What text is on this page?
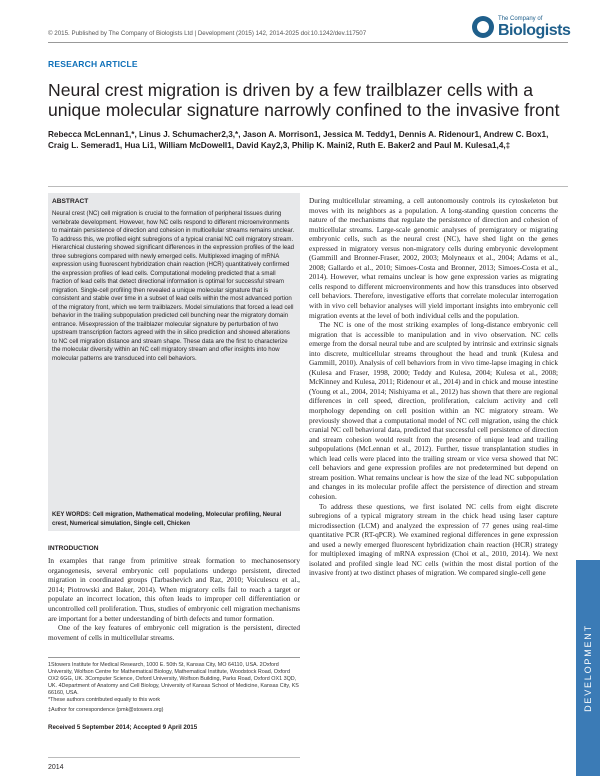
© 2015. Published by The Company of Biologists Ltd | Development (2015) 142, 2014-2025 doi:10.1242/dev.117507
The Company of
Biologists
RESEARCH ARTICLE
Neural crest migration is driven by a few trailblazer cells with a unique molecular signature narrowly confined to the invasive front
Rebecca McLennan1,*, Linus J. Schumacher2,3,*, Jason A. Morrison1, Jessica M. Teddy1, Dennis A. Ridenour1, Andrew C. Box1, Craig L. Semerad1, Hua Li1, William McDowell1, David Kay2,3, Philip K. Maini2, Ruth E. Baker2 and Paul M. Kulesa1,4,‡
ABSTRACT
Neural crest (NC) cell migration is crucial to the formation of peripheral tissues during vertebrate development. However, how NC cells respond to different microenvironments to maintain persistence of direction and cohesion in multicellular streams remains unclear. To address this, we profiled eight subregions of a typical cranial NC cell migratory stream. Hierarchical clustering showed significant differences in the expression profiles of the lead three subregions compared with newly emerged cells. Multiplexed imaging of mRNA expression using fluorescent hybridization chain reaction (HCR) quantitatively confirmed the expression profiles of lead cells. Computational modeling predicted that a small fraction of lead cells that detect directional information is optimal for successful stream migration. Single-cell profiling then revealed a unique molecular signature that is consistent and stable over time in a subset of lead cells within the most advanced portion of the migratory front, which we term trailblazers. Model simulations that forced a lead cell behavior in the trailing subpopulation predicted cell bunching near the migratory domain entrance. Misexpression of the trailblazer molecular signature by perturbation of two upstream transcription factors agreed with the in silico prediction and showed alterations to NC cell migration distance and stream shape. These data are the first to characterize the molecular diversity within an NC cell migratory stream and offer insights into how molecular patterns are transduced into cell behaviors.
KEY WORDS: Cell migration, Mathematical modeling, Molecular profiling, Neural crest, Numerical simulation, Single cell, Chicken
INTRODUCTION
In examples that range from primitive streak formation to mechanosensory organogenesis, several embryonic cell populations undergo persistent, directed migration in coordinated groups (Tarbashevich and Raz, 2010; Voiculescu et al., 2014; Piotrowski and Baker, 2014). When migratory cells fail to reach a target or populate an incorrect location, this often leads to improper cell differentiation or uncontrolled cell proliferation. Thus, studies of embryonic cell migration mechanisms are important for a better understanding of birth defects and tumor formation.
One of the key features of embryonic cell migration is the persistent, directed movement of cells in multicellular streams.
1Stowers Institute for Medical Research, 1000 E. 50th St, Kansas City, MO 64110, USA. 2Oxford University, Wolfson Centre for Mathematical Biology, Mathematical Institute, Woodstock Road, Oxford OX2 6GG, UK. 3Computer Science, Oxford University, Wolfson Building, Parks Road, Oxford OX1 3QD, UK. 4Department of Anatomy and Cell Biology, University of Kansas School of Medicine, Kansas City, KS 66160, USA.
*These authors contributed equally to this work
‡Author for correspondence (pmk@stowers.org)
Received 5 September 2014; Accepted 9 April 2015
2014

During multicellular streaming, a cell autonomously controls its cytoskeleton but moves with its neighbors as a population. A long-standing question concerns the nature of the mechanisms that regulate the persistence of direction and cohesion of multicellular streams. Large-scale genomic analyses of premigratory or migrating embryonic cells, such as the neural crest (NC), have shed light on the genes expressed in migratory versus non-migratory cells during embryonic development (Gammill and Bronner-Fraser, 2002, 2003; Molyneaux et al., 2004; Adams et al., 2008; Gallardo et al., 2010; Simoes-Costa and Bronner, 2013; Simoes-Costa et al., 2014). However, what remains unclear is how gene expression varies as migrating cells respond to different microenvironments and how this transduces into observed cell behaviors. Therefore, investigative efforts that correlate molecular interrogation with in vivo cell behavior analyses will yield important insights into embryonic cell migration events at the level of both individual cells and the population.

The NC is one of the most striking examples of long-distance embryonic cell migration that is accessible to manipulation and in vivo observation. NC cells emerge from the dorsal neural tube and are sculpted by intrinsic and extrinsic signals into discrete, multicellular streams throughout the head and trunk (Kulesa and Gammill, 2010). Analysis of cell behaviors from in vivo time-lapse imaging in chick (Kulesa and Fraser, 1998, 2000; Teddy and Kulesa, 2004; Kulesa et al., 2008; McKinney and Kulesa, 2011; Ridenour et al., 2014) and in chick and mouse intestine (Young et al., 2004, 2014; Nishiyama et al., 2012) has shown that there are regional differences in cell speed, direction, proliferation, calcium activity and cell morphology depending on cell position within an NC migratory stream. We previously showed that a computational model of NC cell migration, using the chick cranial NC cell behavioral data, predicted that successful cell persistence of direction and stream cohesion would result from the presence of unique lead and trailing subpopulations (McLennan et al., 2012). Further, tissue transplantation studies in which lead cells were placed into the trailing stream or vice versa showed that NC cell behaviors and gene expression profiles are not predetermined but depend on stream position. What remains unclear is how the size of the lead NC subpopulation and changes in its molecular profile affect the persistence of direction and stream cohesion.

To address these questions, we first isolated NC cells from eight discrete subregions of a typical migratory stream in the chick head using laser capture microdissection (LCM) and analyzed the expression of 77 genes using real-time quantitative PCR (RT-qPCR). We examined regional differences in gene expression and used a newly emerged fluorescent hybridization chain reaction (HCR) strategy for multiplexed imaging of mRNA expression (Choi et al., 2010, 2014). We next isolated and profiled single lead NC cells (within the most distal portion of the invasive front) at two distinct phases of migration. We compared single-cell gene

DEVELOPMENT
